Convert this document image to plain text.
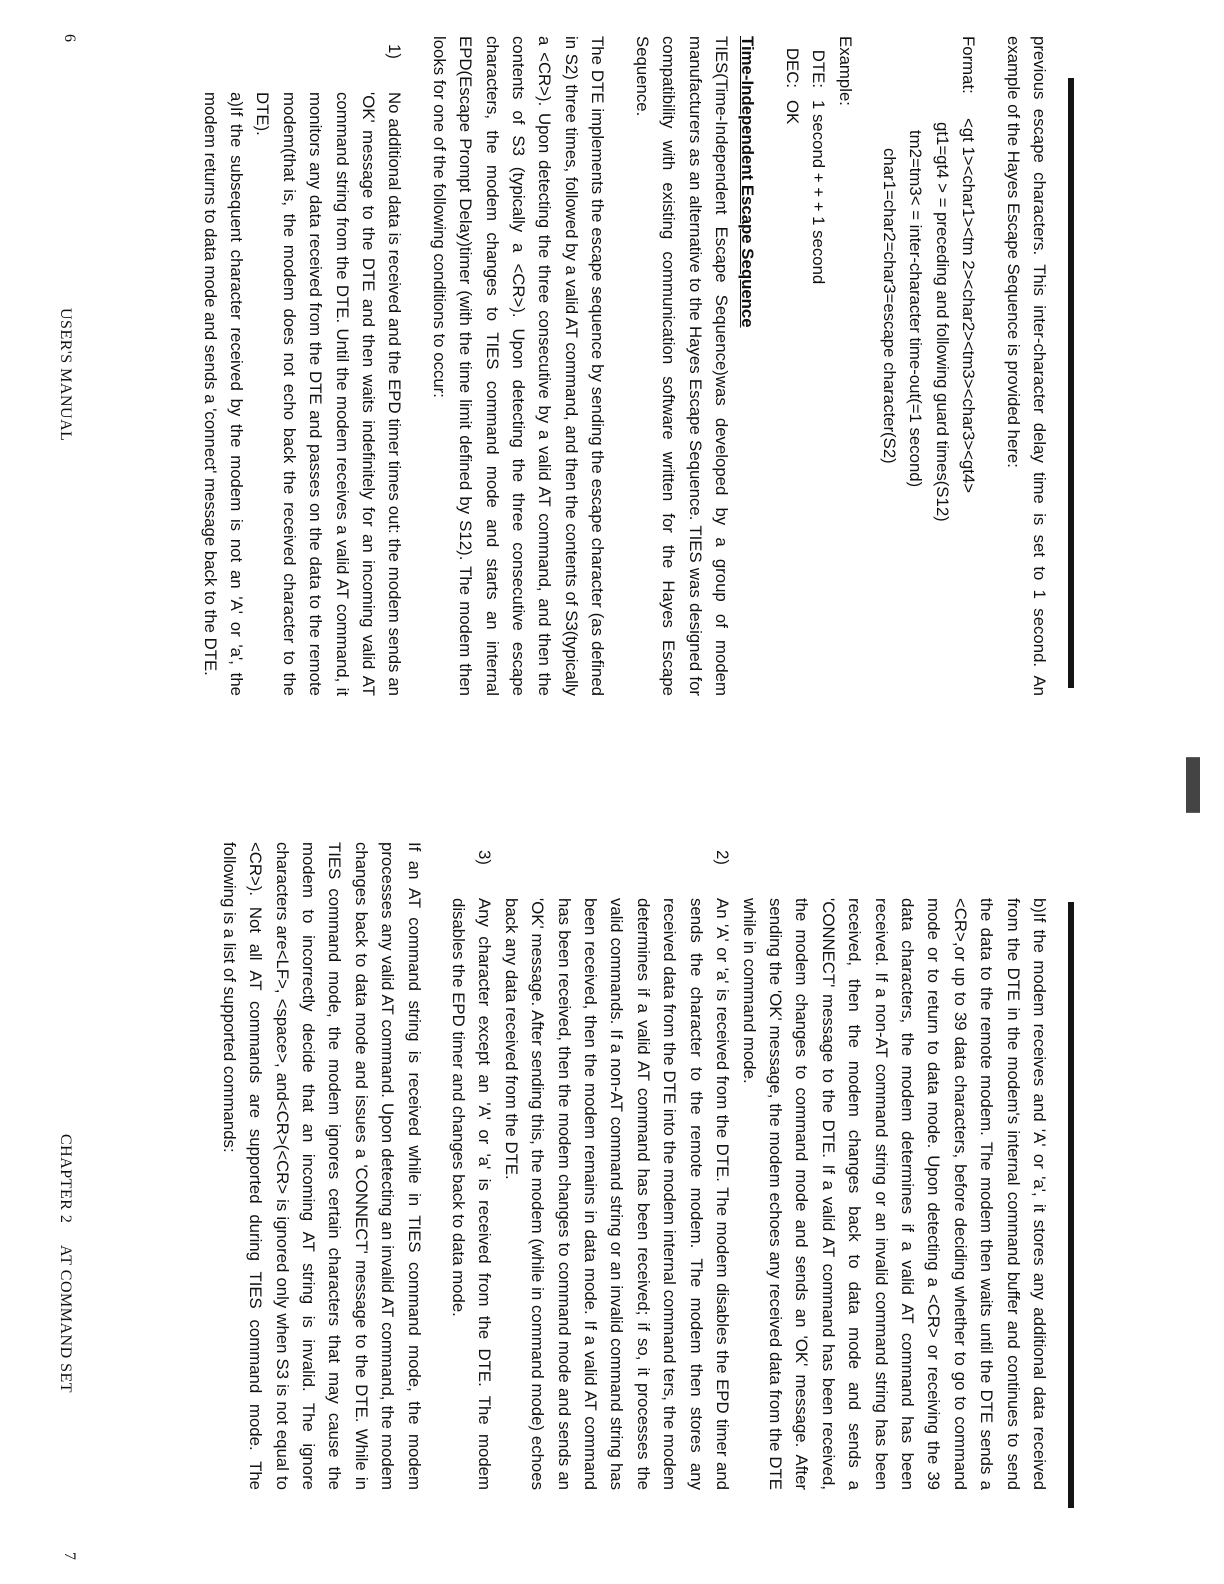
previous escape characters. This inter-character delay time is set to 1 second. An example of the Hayes Escape Sequence is provided here:

Format:
<gt 1><char1><tm 2><char2><tm3><char3><gt4>
gt1=gt4 > = preceding and following guard times(S12)
tm2=tm3< = inter-character time-out(=1 second)
char1=char2=char3=escape character(S2)
Example:
DTE:
1 second + + + 1 second
DEC:
OK
Time-Independent Escape Sequence

TIES(Time-Independent Escape Sequence)was developed by a group of modem manufacturers as an alternative to the Hayes Escape Sequence. TIES was designed for compatibility with existing communication software written for the Hayes Escape Sequence.

The DTE implements the escape sequence by sending the escape character (as defined in S2) three times, followed by a valid AT command, and then the contents of S3(typically a <CR>). Upon detecting the three consecutive by a valid AT command, and then the contents of S3 (typically a <CR>). Upon detecting the three consecutive escape characters, the modem changes to TIES command mode and starts an internal EPD(Escape Prompt Delay)timer (with the time limit defined by S12). The modem then looks for one of the following conditions to occur:

1)

No additional data is received and the EPD timer times out: the modem sends an 'OK' message to the DTE and then waits indefinitely for an incoming valid AT command string from the DTE. Until the modem receives a valid AT command, it monitors any data received from the DTE and passes on the data to the remote modem(that is, the modem does not echo back the received character to the DTE).

a)If the subsequent character received by the modem is not an 'A' or 'a', the modem returns to data mode and sends a 'connect' message back to the DTE.

6
USER'S MANUAL

b)If the modem receives and 'A' or 'a', it stores any additional data received from the DTE in the modem's internal command buffer and continues to send the data to the remote modem. The modem then waits until the DTE sends a <CR>,or up to 39 data characters, before deciding whether to go to command mode or to return to data mode. Upon detecting a <CR> or receiving the 39 data characters, the modem determines if a valid AT command has been received. If a non-AT command string or an invalid command string has been received, then the modem changes back to data mode and sends a 'CONNECT' message to the DTE. If a valid AT command has been received, the modem changes to command mode and sends an 'OK' message. After sending the 'OK' message, the modem echoes any received data from the DTE while in command mode.

2)

An 'A' or 'a' is received from the DTE. The modem disables the EPD timer and sends the character to the remote modem. The modem then stores any received data from the DTE into the modem internal command ters, the modem determines if a valid AT command has been received; if so, it processes the valid commands. If a non-AT command string or an invalid command string has been received, then the modem remains in data mode. If a valid AT command has been received, then the modem changes to command mode and sends an 'OK' message. After sending this, the modem (while in command mode) echoes back any data received from the DTE.

3)

Any character except an 'A' or 'a' is received from the DTE. The modem disables the EPD timer and changes back to data mode.

If an AT command string is received while in TIES command mode, the modem processes any valid AT command. Upon detecting an invalid AT command, the modem changes back to data mode and issues a 'CONNECT' message to the DTE. While in TIES command mode, the modem ignores certain characters that may cause the modem to incorrectly decide that an incoming AT string is invalid. The ignore characters are<LF>, <space>, and<CR>(<CR> is ignored only when S3 is not equal to <CR>). Not all AT commands are supported during TIES command mode. The following is a list of supported commands:

CHAPTER 2     AT COMMAND SET
7
